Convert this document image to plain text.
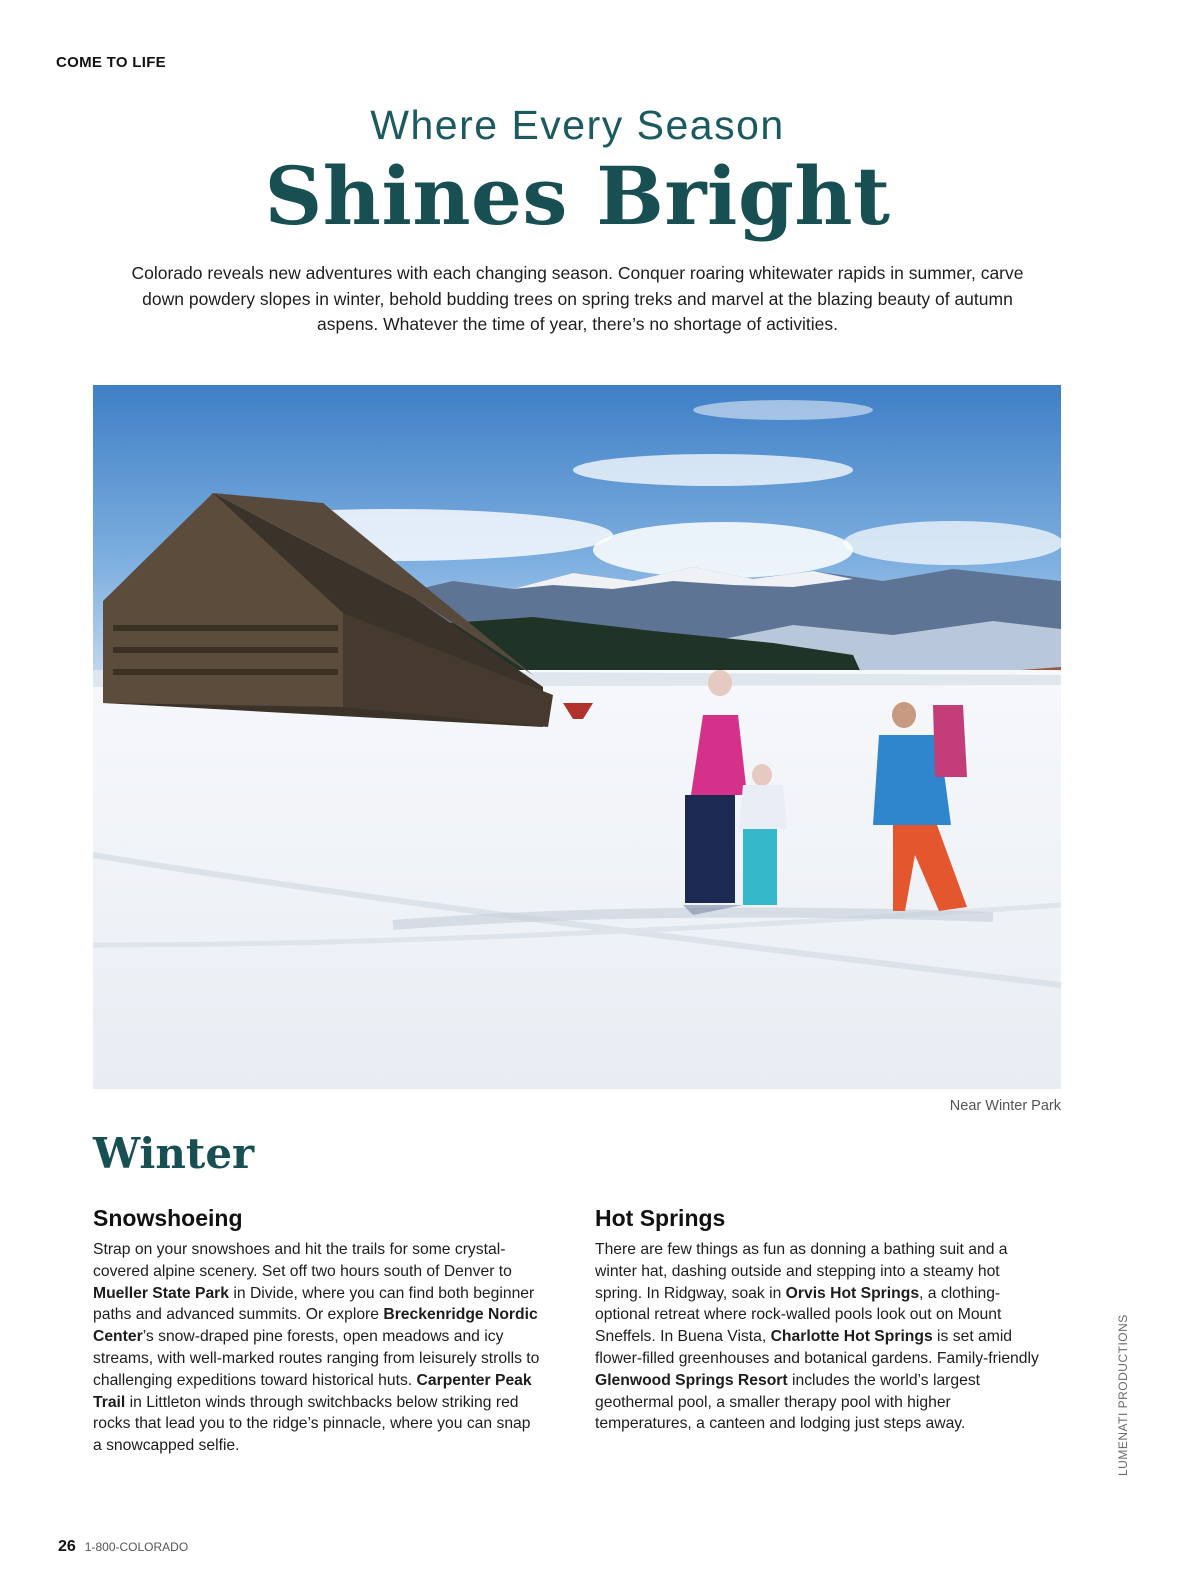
COME TO LIFE
Where Every Season
Shines Bright
Colorado reveals new adventures with each changing season. Conquer roaring whitewater rapids in summer, carve down powdery slopes in winter, behold budding trees on spring treks and marvel at the blazing beauty of autumn aspens. Whatever the time of year, there’s no shortage of activities.
Near Winter Park
Winter
Snowshoeing

Strap on your snowshoes and hit the trails for some crystal-covered alpine scenery. Set off two hours south of Denver to Mueller State Park in Divide, where you can find both beginner paths and advanced summits. Or explore Breckenridge Nordic Center’s snow-draped pine forests, open meadows and icy streams, with well-marked routes ranging from leisurely strolls to challenging expeditions toward historical huts. Carpenter Peak Trail in Littleton winds through switchbacks below striking red rocks that lead you to the ridge’s pinnacle, where you can snap a snowcapped selfie.

Hot Springs

There are few things as fun as donning a bathing suit and a winter hat, dashing outside and stepping into a steamy hot spring. In Ridgway, soak in Orvis Hot Springs, a clothing-optional retreat where rock-walled pools look out on Mount Sneffels. In Buena Vista, Charlotte Hot Springs is set amid flower-filled greenhouses and botanical gardens. Family-friendly Glenwood Springs Resort includes the world’s largest geothermal pool, a smaller therapy pool with higher temperatures, a canteen and lodging just steps away.	LUMENATI PRODUCTIONS
26 1-800-COLORADO
